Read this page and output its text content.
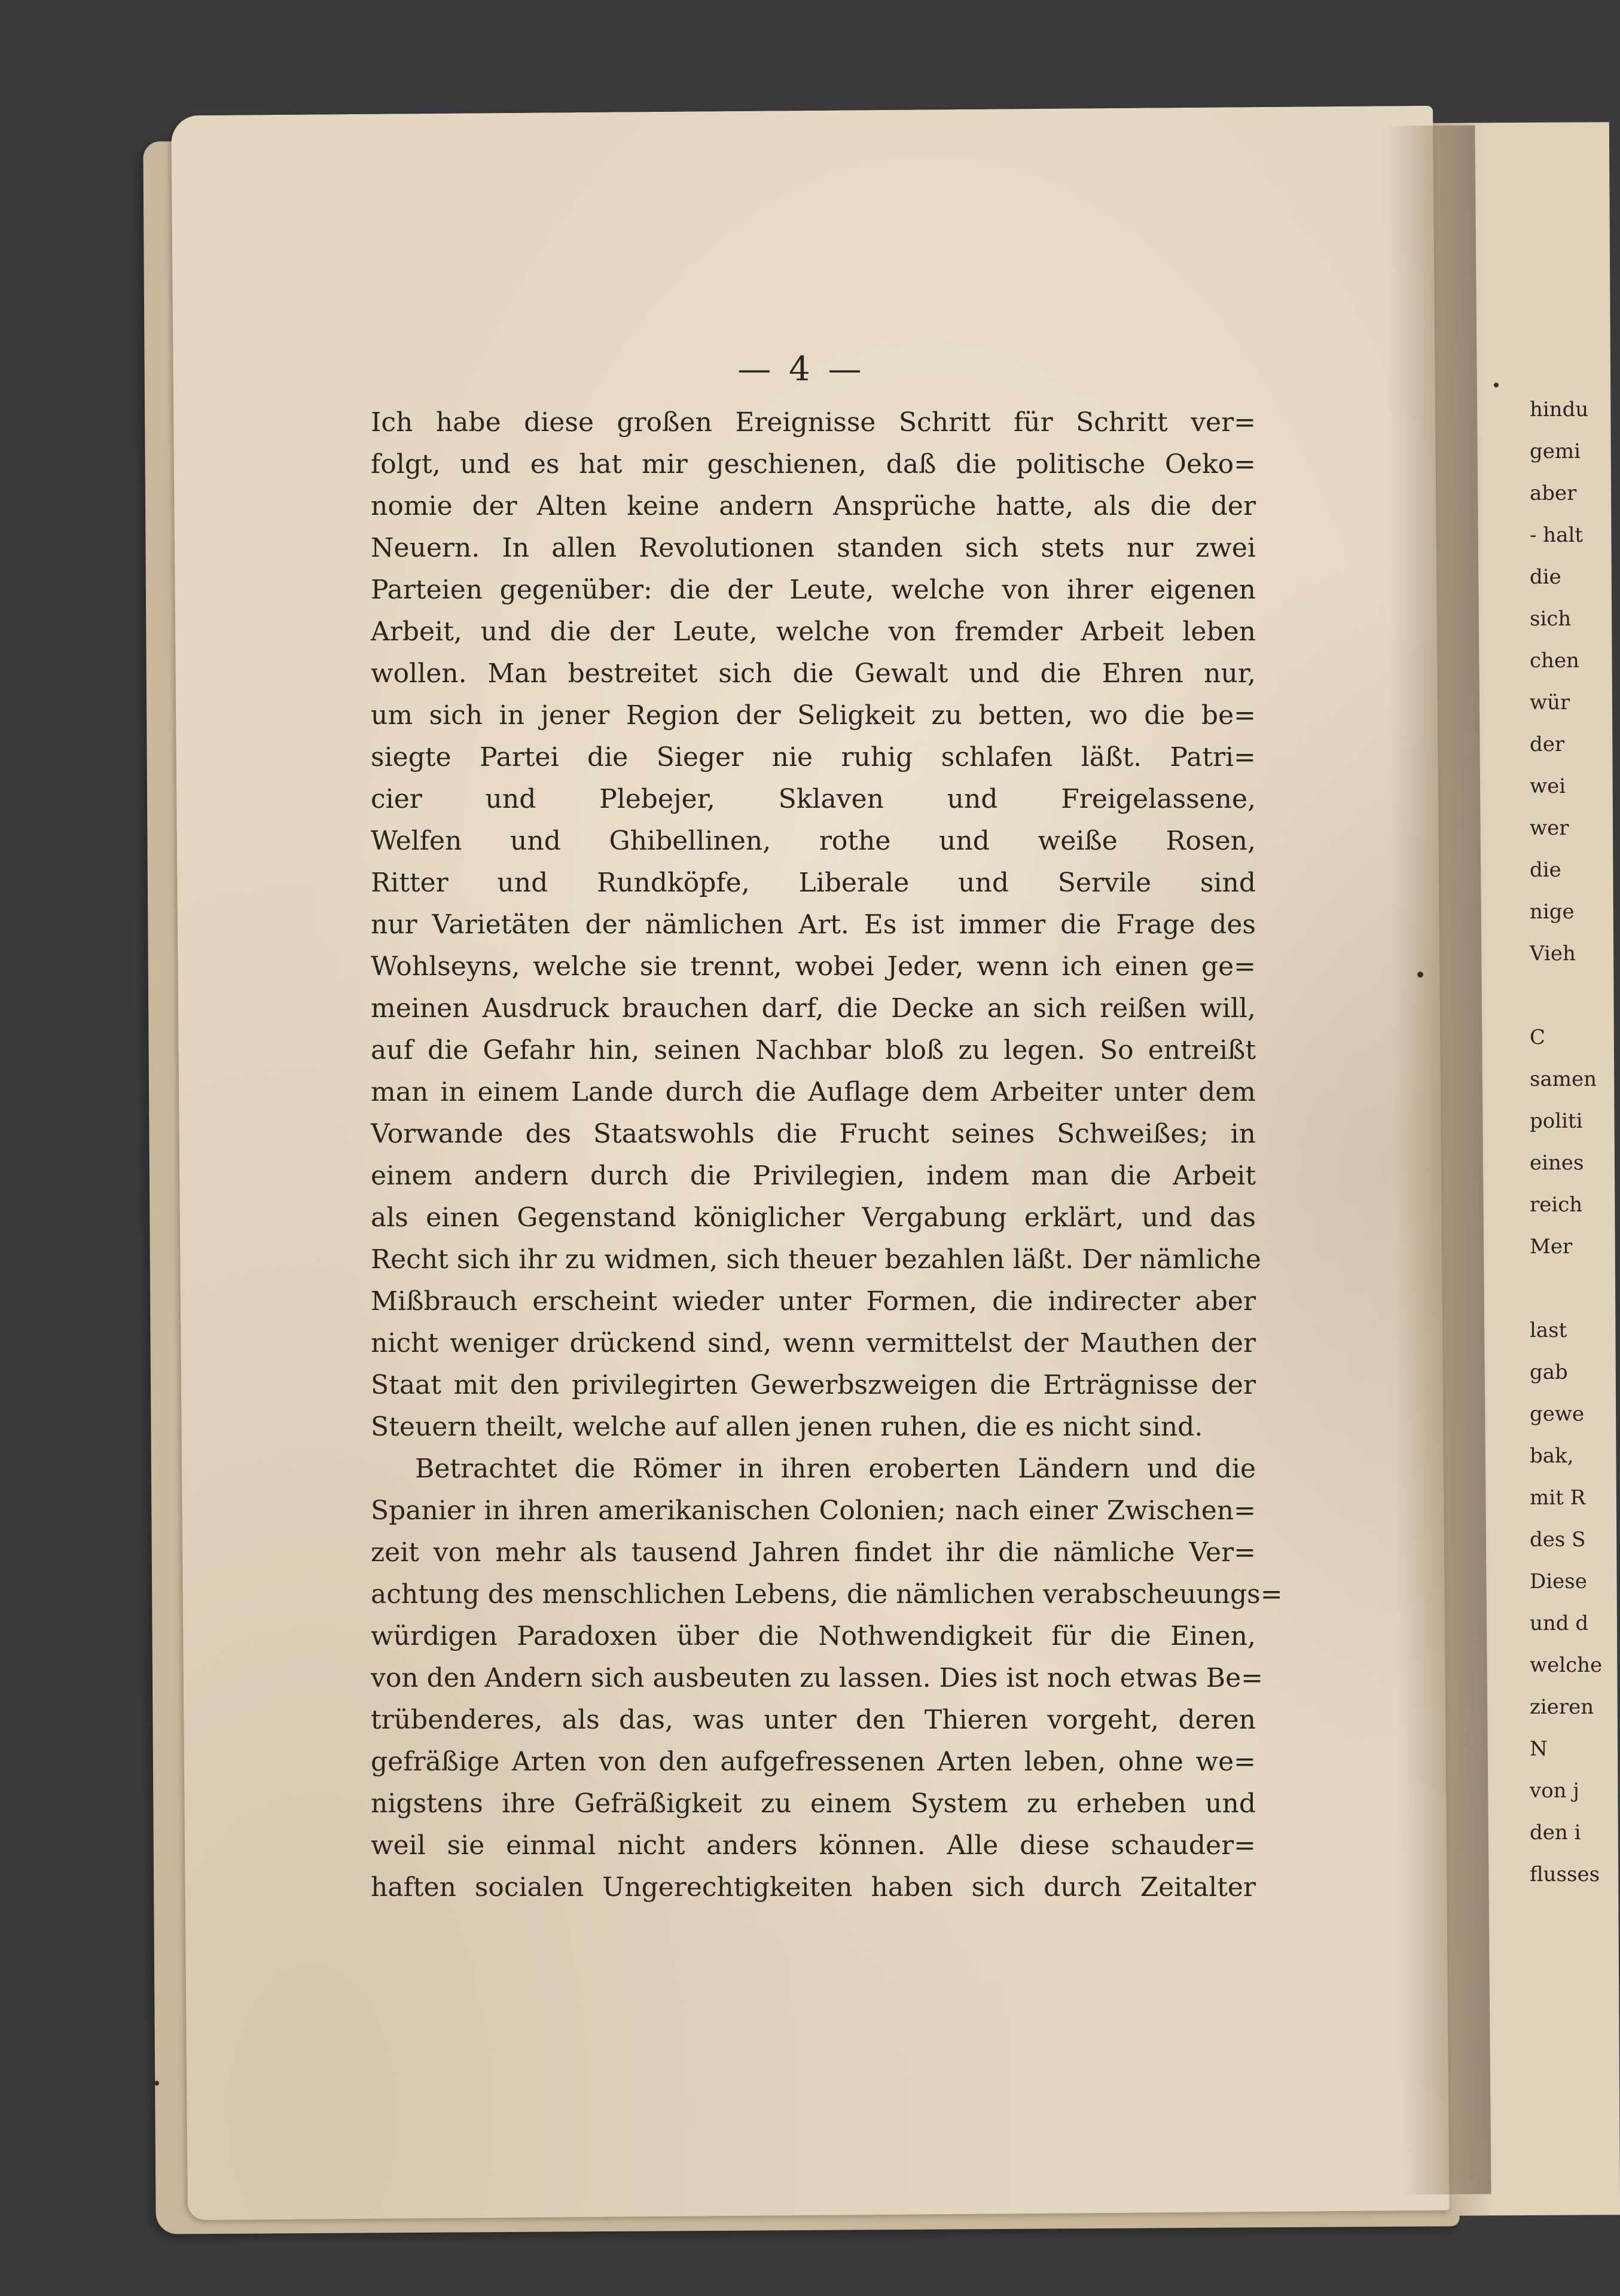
— 4 —
Ich habe diese großen Ereignisse Schritt für Schritt ver=
folgt, und es hat mir geschienen, daß die politische Oeko=
nomie der Alten keine andern Ansprüche hatte, als die der
Neuern. In allen Revolutionen standen sich stets nur zwei
Parteien gegenüber: die der Leute, welche von ihrer eigenen
Arbeit, und die der Leute, welche von fremder Arbeit leben
wollen. Man bestreitet sich die Gewalt und die Ehren nur,
um sich in jener Region der Seligkeit zu betten, wo die be=
siegte Partei die Sieger nie ruhig schlafen läßt. Patri=
cier und Plebejer, Sklaven und Freigelassene,
Welfen und Ghibellinen, rothe und weiße Rosen,
Ritter und Rundköpfe, Liberale und Servile sind
nur Varietäten der nämlichen Art. Es ist immer die Frage des
Wohlseyns, welche sie trennt, wobei Jeder, wenn ich einen ge=
meinen Ausdruck brauchen darf, die Decke an sich reißen will,
auf die Gefahr hin, seinen Nachbar bloß zu legen. So entreißt
man in einem Lande durch die Auflage dem Arbeiter unter dem
Vorwande des Staatswohls die Frucht seines Schweißes; in
einem andern durch die Privilegien, indem man die Arbeit
als einen Gegenstand königlicher Vergabung erklärt, und das
Recht sich ihr zu widmen, sich theuer bezahlen läßt. Der nämliche
Mißbrauch erscheint wieder unter Formen, die indirecter aber
nicht weniger drückend sind, wenn vermittelst der Mauthen der
Staat mit den privilegirten Gewerbszweigen die Erträgnisse der
Steuern theilt, welche auf allen jenen ruhen, die es nicht sind.
Betrachtet die Römer in ihren eroberten Ländern und die
Spanier in ihren amerikanischen Colonien; nach einer Zwischen=
zeit von mehr als tausend Jahren findet ihr die nämliche Ver=
achtung des menschlichen Lebens, die nämlichen verabscheuungs=
würdigen Paradoxen über die Nothwendigkeit für die Einen,
von den Andern sich ausbeuten zu lassen. Dies ist noch etwas Be=
trübenderes, als das, was unter den Thieren vorgeht, deren
gefräßige Arten von den aufgefressenen Arten leben, ohne we=
nigstens ihre Gefräßigkeit zu einem System zu erheben und
weil sie einmal nicht anders können. Alle diese schauder=
haften socialen Ungerechtigkeiten haben sich durch Zeitalter
hindu
gemi
aber
- halt
die
sich
chen
wür
der
wei
wer
die
nige
Vieh
C
samen
politi
eines
reich
Mer
last
gab
gewe
bak,
mit R
des S
Diese
und d
welche
zieren
N
von j
den i
flusses
